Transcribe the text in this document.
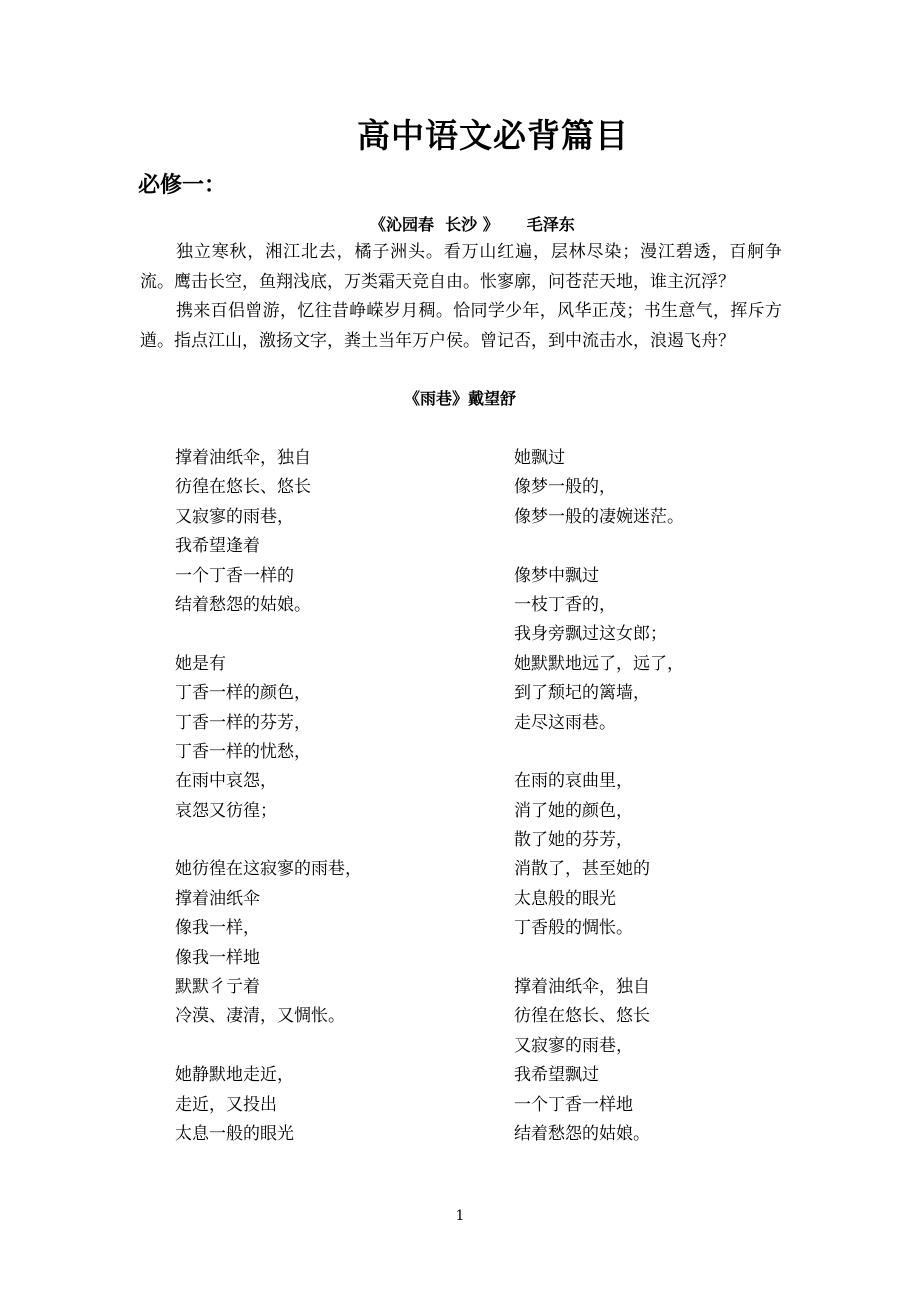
高中语文必背篇目
必修一：
《沁园春  长沙 》 毛泽东

独立寒秋，湘江北去，橘子洲头。看万山红遍，层林尽染；漫江碧透，百舸争流。鹰击长空，鱼翔浅底，万类霜天竞自由。怅寥廓，问苍茫天地，谁主沉浮？

携来百侣曾游，忆往昔峥嵘岁月稠。恰同学少年，风华正茂；书生意气，挥斥方遒。指点江山，激扬文字，粪土当年万户侯。曾记否，到中流击水，浪遏飞舟？

《雨巷》戴望舒
撑着油纸伞，独自
彷徨在悠长、悠长
又寂寥的雨巷，
我希望逢着
一个丁香一样的
结着愁怨的姑娘。
她是有
丁香一样的颜色，
丁香一样的芬芳，
丁香一样的忧愁，
在雨中哀怨，
哀怨又彷徨；
她彷徨在这寂寥的雨巷，
撑着油纸伞
像我一样，
像我一样地
默默彳亍着
冷漠、凄清，又惆怅。
她静默地走近，
走近，又投出
太息一般的眼光
她飘过
像梦一般的，
像梦一般的凄婉迷茫。
像梦中飘过
一枝丁香的，
我身旁飘过这女郎；
她默默地远了，远了，
到了颓圮的篱墙，
走尽这雨巷。
在雨的哀曲里，
消了她的颜色，
散了她的芬芳，
消散了，甚至她的
太息般的眼光
丁香般的惆怅。
撑着油纸伞，独自
彷徨在悠长、悠长
又寂寥的雨巷，
我希望飘过
一个丁香一样地
结着愁怨的姑娘。
1
